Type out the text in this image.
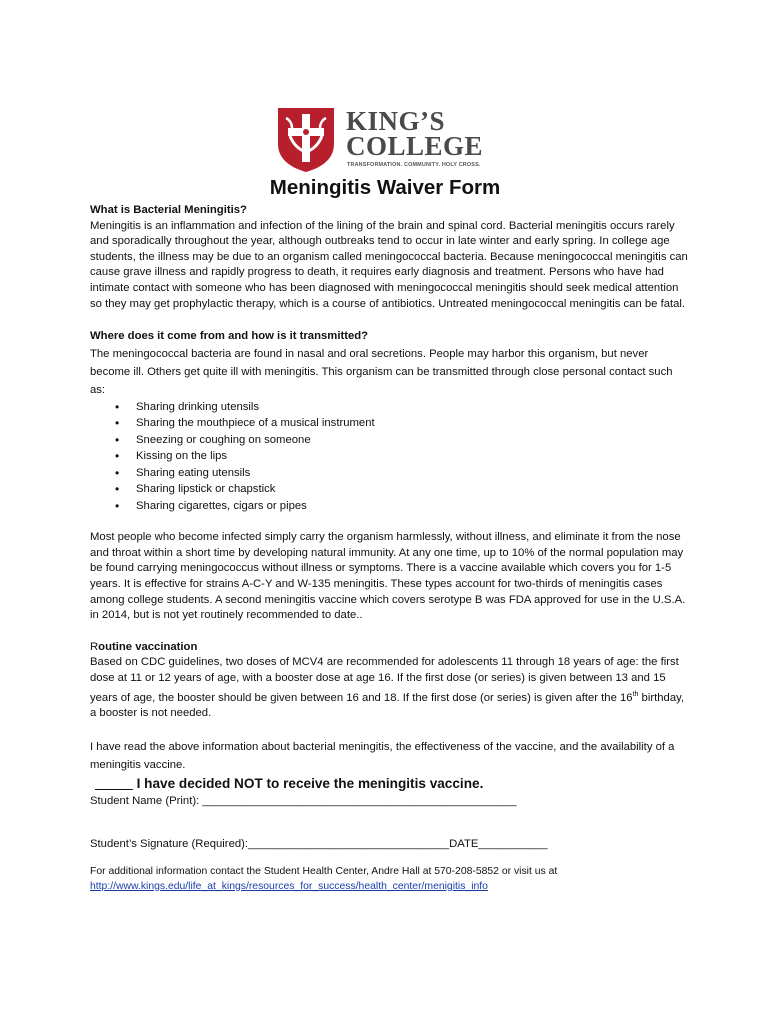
KING’S
COLLEGE
TRANSFORMATION. COMMUNITY. HOLY CROSS.
Meningitis Waiver Form

What is Bacterial Meningitis?

Meningitis is an inflammation and infection of the lining of the brain and spinal cord. Bacterial meningitis occurs rarely and sporadically throughout the year, although outbreaks tend to occur in late winter and early spring. In college age students, the illness may be due to an organism called meningococcal bacteria. Because meningococcal meningitis can cause grave illness and rapidly progress to death, it requires early diagnosis and treatment. Persons who have had intimate contact with someone who has been diagnosed with meningococcal meningitis should seek medical attention so they may get prophylactic therapy, which is a course of antibiotics. Untreated meningococcal meningitis can be fatal.

Where does it come from and how is it transmitted?

The meningococcal bacteria are found in nasal and oral secretions. People may harbor this organism, but never become ill. Others get quite ill with meningitis. This organism can be transmitted through close personal contact such as:

• Sharing drinking utensils
• Sharing the mouthpiece of a musical instrument
• Sneezing or coughing on someone
• Kissing on the lips
• Sharing eating utensils
• Sharing lipstick or chapstick
• Sharing cigarettes, cigars or pipes

Most people who become infected simply carry the organism harmlessly, without illness, and eliminate it from the nose and throat within a short time by developing natural immunity. At any one time, up to 10% of the normal population may be found carrying meningococcus without illness or symptoms. There is a vaccine available which covers you for 1-5 years. It is effective for strains A-C-Y and W-135 meningitis. These types account for two-thirds of meningitis cases among college students. A second meningitis vaccine which covers serotype B was FDA approved for use in the U.S.A. in 2014, but is not yet routinely recommended to date..

Routine vaccination

Based on CDC guidelines, two doses of MCV4 are recommended for adolescents 11 through 18 years of age: the first dose at 11 or 12 years of age, with a booster dose at age 16. If the first dose (or series) is given between 13 and 15 years of age, the booster should be given between 16 and 18. If the first dose (or series) is given after the 16th birthday, a booster is not needed.

I have read the above information about bacterial meningitis, the effectiveness of the vaccine, and the availability of a meningitis vaccine.

_____ I have decided NOT to receive the meningitis vaccine.

Student Name (Print): __________________________________________________

Student’s Signature (Required):________________________________DATE___________

For additional information contact the Student Health Center, Andre Hall at 570-208-5852 or visit us at

http://www.kings.edu/life_at_kings/resources_for_success/health_center/menigitis_info
